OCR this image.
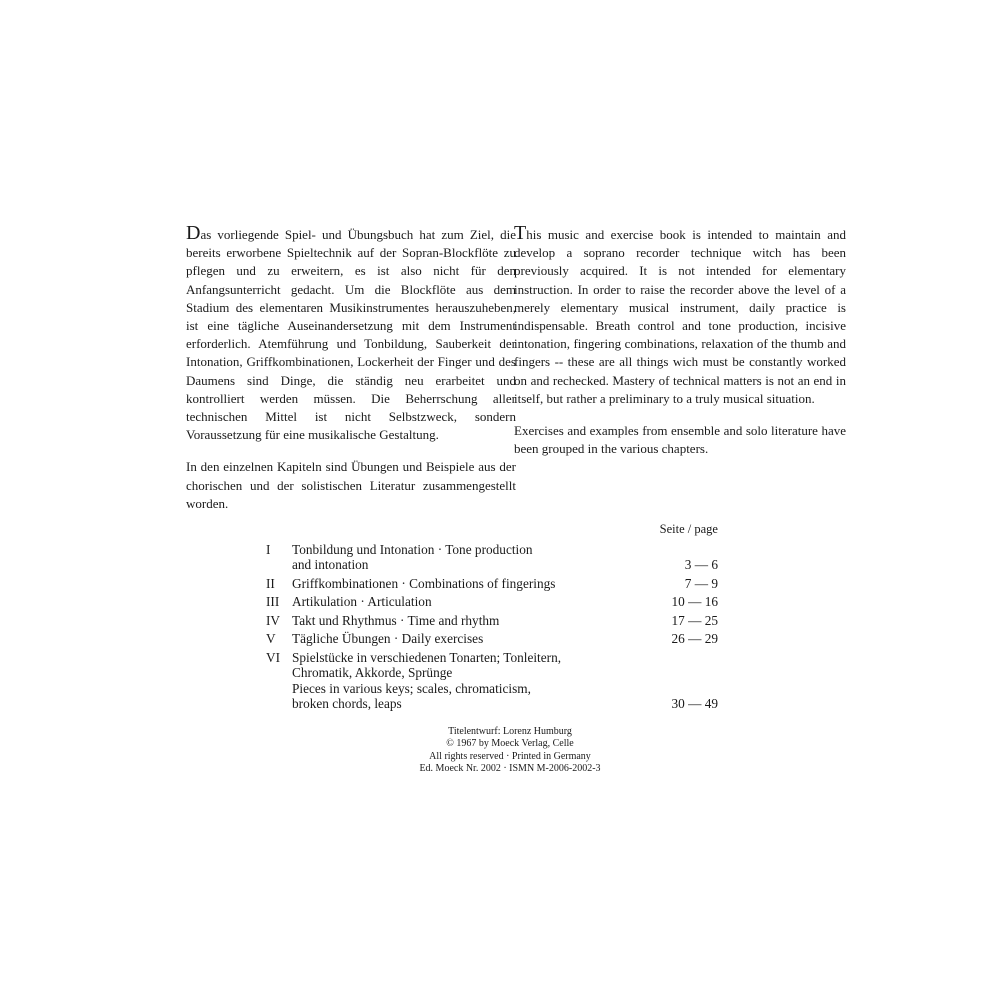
Das vorliegende Spiel- und Übungsbuch hat zum Ziel, die bereits erworbene Spieltechnik auf der Sopran-Blockflöte zu pflegen und zu erweitern, es ist also nicht für den Anfangsunterricht gedacht. Um die Blockflöte aus dem Stadium des elementaren Musikinstrumentes herauszuheben, ist eine tägliche Auseinandersetzung mit dem Instrument erforderlich. Atemführung und Tonbildung, Sauberkeit der Intonation, Griffkombinationen, Lockerheit der Finger und des Daumens sind Dinge, die ständig neu erarbeitet und kontrolliert werden müssen. Die Beherrschung aller technischen Mittel ist nicht Selbstzweck, sondern Voraussetzung für eine musikalische Gestaltung.

In den einzelnen Kapiteln sind Übungen und Beispiele aus der chorischen und der solistischen Literatur zusammengestellt worden.

This music and exercise book is intended to maintain and develop a soprano recorder technique witch has been previously acquired. It is not intended for elementary instruction. In order to raise the recorder above the level of a merely elementary musical instrument, daily practice is indispensable. Breath control and tone production, incisive intonation, fingering combinations, relaxation of the thumb and fingers -- these are all things wich must be constantly worked on and rechecked. Mastery of technical matters is not an end in itself, but rather a preliminary to a truly musical situation.

Exercises and examples from ensemble and solo literature have been grouped in the various chapters.

Seite / page
I	Tonbildung und Intonation · Tone production
and intonation	3 — 6
II	Griffkombinationen · Combinations of fingerings	7 — 9
III Artikulation · Articulation	10 — 16
IV Takt und Rhythmus · Time and rhythm	17 — 25
V	Tägliche Übungen · Daily exercises	26 — 29
VI Spielstücke in verschiedenen Tonarten; Tonleitern,
Chromatik, Akkorde, Sprünge
Pieces in various keys; scales, chromaticism,
broken chords, leaps	30 — 49
Titelentwurf: Lorenz Humburg
© 1967 by Moeck Verlag, Celle
All rights reserved · Printed in Germany
Ed. Moeck Nr. 2002 · ISMN M-2006-2002-3
